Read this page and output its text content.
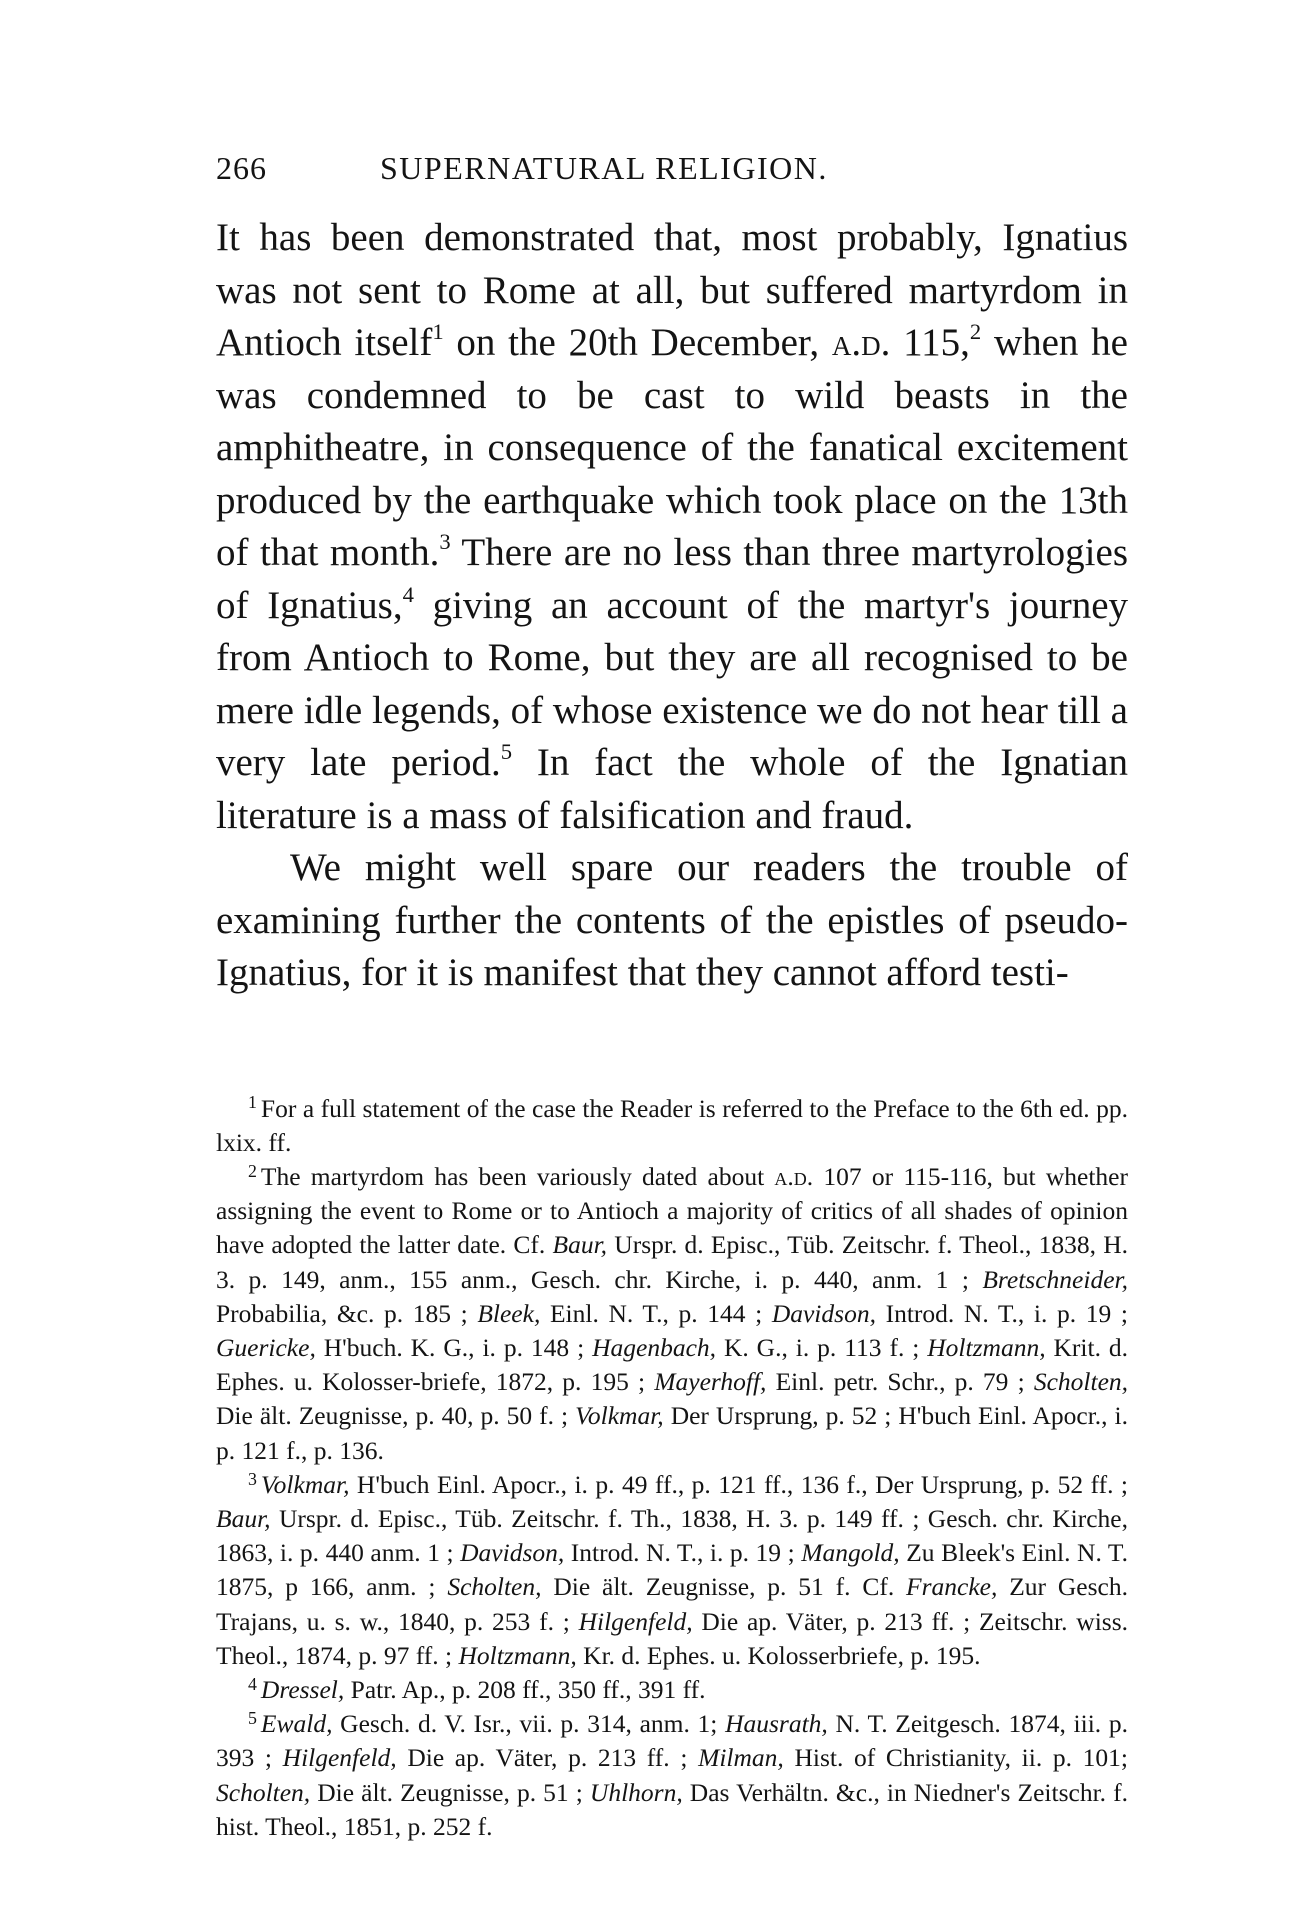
266	SUPERNATURAL RELIGION.

It has been demonstrated that, most probably, Ignatius was not sent to Rome at all, but suffered martyrdom in Antioch itself$^1$ on the 20th December, a.d. 115,$^2$ when he was condemned to be cast to wild beasts in the amphitheatre, in consequence of the fanatical excitement produced by the earthquake which took place on the 13th of that month.$^3$ There are no less than three martyrologies of Ignatius,$^4$ giving an account of the martyr's journey from Antioch to Rome, but they are all recognised to be mere idle legends, of whose existence we do not hear till a very late period.$^5$ In fact the whole of the Ignatian literature is a mass of falsification and fraud.

We might well spare our readers the trouble of examining further the contents of the epistles of pseudo-Ignatius, for it is manifest that they cannot afford testi-

$^1$ For a full statement of the case the Reader is referred to the Preface to the 6th ed. pp. lxix. ff.

$^2$ The martyrdom has been variously dated about a.d. 107 or 115-116, but whether assigning the event to Rome or to Antioch a majority of critics of all shades of opinion have adopted the latter date. Cf. Baur, Urspr. d. Episc., Tüb. Zeitschr. f. Theol., 1838, H. 3. p. 149, anm., 155 anm., Gesch. chr. Kirche, i. p. 440, anm. 1 ; Bretschneider, Probabilia, &c. p. 185 ; Bleek, Einl. N. T., p. 144 ; Davidson, Introd. N. T., i. p. 19 ; Guericke, H'buch. K. G., i. p. 148 ; Hagenbach, K. G., i. p. 113 f. ; Holtzmann, Krit. d. Ephes. u. Kolosser-briefe, 1872, p. 195 ; Mayerhoff, Einl. petr. Schr., p. 79 ; Scholten, Die ält. Zeugnisse, p. 40, p. 50 f. ; Volkmar, Der Ursprung, p. 52 ; H'buch Einl. Apocr., i. p. 121 f., p. 136.

$^3$ Volkmar, H'buch Einl. Apocr., i. p. 49 ff., p. 121 ff., 136 f., Der Ursprung, p. 52 ff. ; Baur, Urspr. d. Episc., Tüb. Zeitschr. f. Th., 1838, H. 3. p. 149 ff. ; Gesch. chr. Kirche, 1863, i. p. 440 anm. 1 ; Davidson, Introd. N. T., i. p. 19 ; Mangold, Zu Bleek's Einl. N. T. 1875, p 166, anm. ; Scholten, Die ält. Zeugnisse, p. 51 f. Cf. Francke, Zur Gesch. Trajans, u. s. w., 1840, p. 253 f. ; Hilgenfeld, Die ap. Väter, p. 213 ff. ; Zeitschr. wiss. Theol., 1874, p. 97 ff. ; Holtzmann, Kr. d. Ephes. u. Kolosserbriefe, p. 195.

$^4$ Dressel, Patr. Ap., p. 208 ff., 350 ff., 391 ff.

$^5$ Ewald, Gesch. d. V. Isr., vii. p. 314, anm. 1; Hausrath, N. T. Zeitgesch. 1874, iii. p. 393 ; Hilgenfeld, Die ap. Väter, p. 213 ff. ; Milman, Hist. of Christianity, ii. p. 101; Scholten, Die ält. Zeugnisse, p. 51 ; Uhlhorn, Das Verhältn. &c., in Niedner's Zeitschr. f. hist. Theol., 1851, p. 252 f.
